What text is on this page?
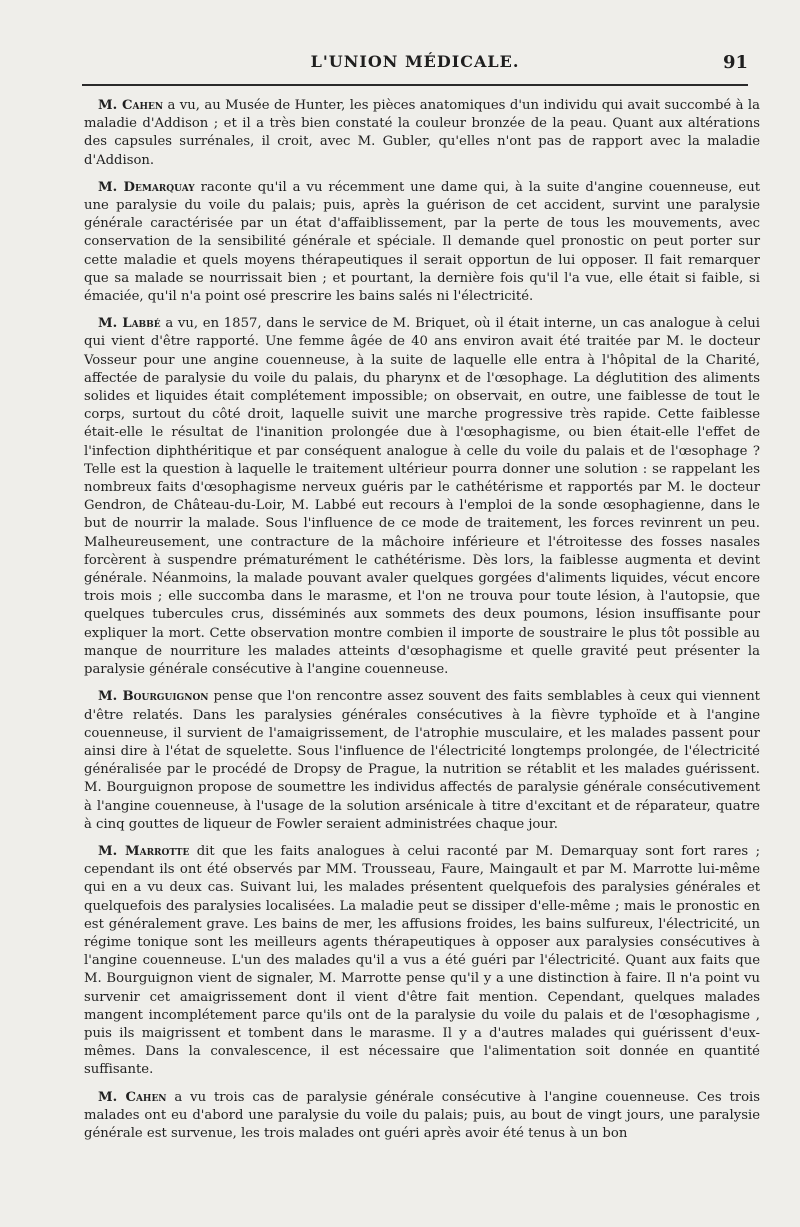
L'UNION MÉDICALE.	91

M. Cahen a vu, au Musée de Hunter, les pièces anatomiques d'un individu qui avait succombé à la maladie d'Addison ; et il a très bien constaté la couleur bronzée de la peau. Quant aux altérations des capsules surrénales, il croit, avec M. Gubler, qu'elles n'ont pas de rapport avec la maladie d'Addison.

M. Demarquay raconte qu'il a vu récemment une dame qui, à la suite d'angine couenneuse, eut une paralysie du voile du palais; puis, après la guérison de cet accident, survint une paralysie générale caractérisée par un état d'affaiblissement, par la perte de tous les mouvements, avec conservation de la sensibilité générale et spéciale. Il demande quel pronostic on peut porter sur cette maladie et quels moyens thérapeutiques il serait opportun de lui opposer. Il fait remarquer que sa malade se nourrissait bien ; et pourtant, la dernière fois qu'il l'a vue, elle était si faible, si émaciée, qu'il n'a point osé prescrire les bains salés ni l'électricité.

M. Labbé a vu, en 1857, dans le service de M. Briquet, où il était interne, un cas analogue à celui qui vient d'être rapporté. Une femme âgée de 40 ans environ avait été traitée par M. le docteur Vosseur pour une angine couenneuse, à la suite de laquelle elle entra à l'hôpital de la Charité, affectée de paralysie du voile du palais, du pharynx et de l'œsophage. La déglutition des aliments solides et liquides était complétement impossible; on observait, en outre, une faiblesse de tout le corps, surtout du côté droit, laquelle suivit une marche progressive très rapide. Cette faiblesse était-elle le résultat de l'inanition prolongée due à l'œsophagisme, ou bien était-elle l'effet de l'infection diphthéritique et par conséquent analogue à celle du voile du palais et de l'œsophage ? Telle est la question à laquelle le traitement ultérieur pourra donner une solution : se rappelant les nombreux faits d'œsophagisme nerveux guéris par le cathétérisme et rapportés par M. le docteur Gendron, de Château-du-Loir, M. Labbé eut recours à l'emploi de la sonde œsophagienne, dans le but de nourrir la malade. Sous l'influence de ce mode de traitement, les forces revinrent un peu. Malheureusement, une contracture de la mâchoire inférieure et l'étroitesse des fosses nasales forcèrent à suspendre prématurément le cathétérisme. Dès lors, la faiblesse augmenta et devint générale. Néanmoins, la malade pouvant avaler quelques gorgées d'aliments liquides, vécut encore trois mois ; elle succomba dans le marasme, et l'on ne trouva pour toute lésion, à l'autopsie, que quelques tubercules crus, disséminés aux sommets des deux poumons, lésion insuffisante pour expliquer la mort. Cette observation montre combien il importe de soustraire le plus tôt possible au manque de nourriture les malades atteints d'œsophagisme et quelle gravité peut présenter la paralysie générale consécutive à l'angine couenneuse.

M. Bourguignon pense que l'on rencontre assez souvent des faits semblables à ceux qui viennent d'être relatés. Dans les paralysies générales consécutives à la fièvre typhoïde et à l'angine couenneuse, il survient de l'amaigrissement, de l'atrophie musculaire, et les malades passent pour ainsi dire à l'état de squelette. Sous l'influence de l'électricité longtemps prolongée, de l'électricité généralisée par le procédé de Dropsy de Prague, la nutrition se rétablit et les malades guérissent. M. Bourguignon propose de soumettre les individus affectés de paralysie générale consécutivement à l'angine couenneuse, à l'usage de la solution arsénicale à titre d'excitant et de réparateur, quatre à cinq gouttes de liqueur de Fowler seraient administrées chaque jour.

M. Marrotte dit que les faits analogues à celui raconté par M. Demarquay sont fort rares ; cependant ils ont été observés par MM. Trousseau, Faure, Maingault et par M. Marrotte lui-même qui en a vu deux cas. Suivant lui, les malades présentent quelquefois des paralysies générales et quelquefois des paralysies localisées. La maladie peut se dissiper d'elle-même ; mais le pronostic en est généralement grave. Les bains de mer, les affusions froides, les bains sulfureux, l'électricité, un régime tonique sont les meilleurs agents thérapeutiques à opposer aux paralysies consécutives à l'angine couenneuse. L'un des malades qu'il a vus a été guéri par l'électricité. Quant aux faits que M. Bourguignon vient de signaler, M. Marrotte pense qu'il y a une distinction à faire. Il n'a point vu survenir cet amaigrissement dont il vient d'être fait mention. Cependant, quelques malades mangent incomplétement parce qu'ils ont de la paralysie du voile du palais et de l'œsophagisme , puis ils maigrissent et tombent dans le marasme. Il y a d'autres malades qui guérissent d'eux-mêmes. Dans la convalescence, il est nécessaire que l'alimentation soit donnée en quantité suffisante.

M. Cahen a vu trois cas de paralysie générale consécutive à l'angine couenneuse. Ces trois malades ont eu d'abord une paralysie du voile du palais; puis, au bout de vingt jours, une paralysie générale est survenue, les trois malades ont guéri après avoir été tenus à un bon
